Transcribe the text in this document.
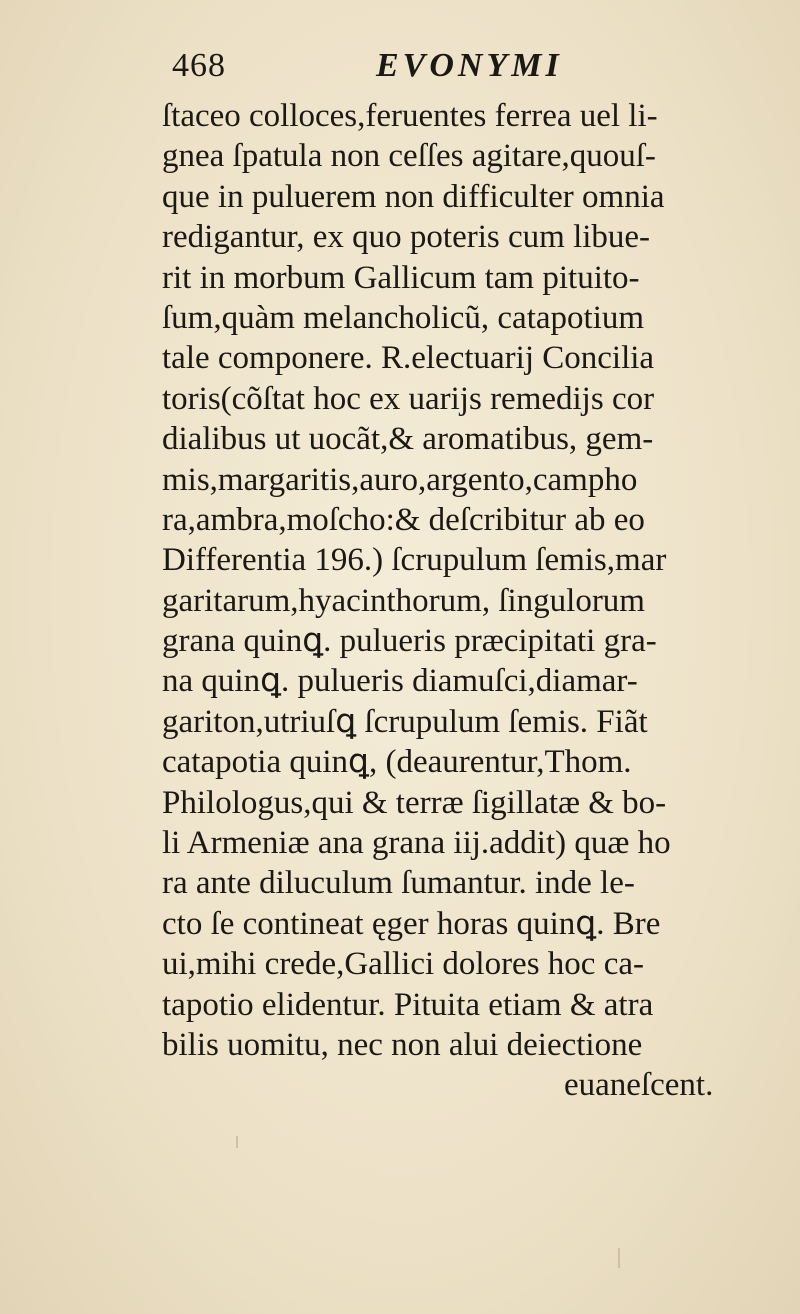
468	EVONYMI
ſtaceo colloces,feruentes ferrea uel li-
gnea ſpatula non ceſſes agitare,quouſ-
que in puluerem non difficulter omnia
redigantur, ex quo poteris cum libue-
rit in morbum Gallicum tam pituito-
ſum,quàm melancholicũ, catapotium
tale componere. R.electuarij Concilia
toris(cõſtat hoc ex uarijs remedijs cor
dialibus ut uocãt,& aromatibus, gem-
mis,margaritis,auro,argento,campho
ra,ambra,moſcho:& deſcribitur ab eo
Differentia 196.) ſcrupulum ſemis,mar
garitarum,hyacinthorum, ſingulorum
grana quinꝗ. pulueris præcipitati gra-
na quinꝗ. pulueris diamuſci,diamar-
gariton,utriuſꝗ ſcrupulum ſemis. Fiãt
catapotia quinꝗ, (deaurentur,Thom.
Philologus,qui & terræ ſigillatæ & bo-
li Armeniæ ana grana iij.addit) quæ ho
ra ante diluculum ſumantur. inde le-
cto ſe contineat ęger horas quinꝗ. Bre
ui,mihi crede,Gallici dolores hoc ca-
tapotio elidentur. Pituita etiam & atra
bilis uomitu, nec non alui deiectione
euaneſcent.
